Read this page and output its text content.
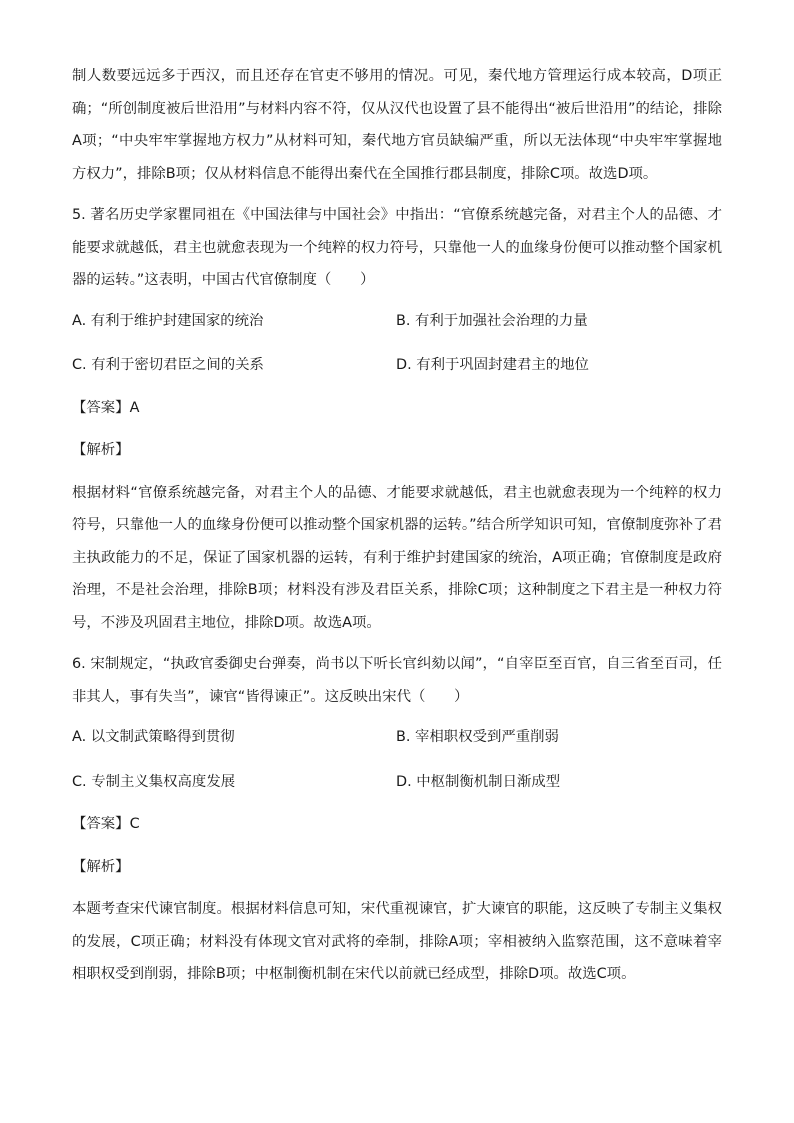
制人数要远远多于西汉，而且还存在官吏不够用的情况。可见，秦代地方管理运行成本较高，D项正确；“所创制度被后世沿用”与材料内容不符，仅从汉代也设置了县不能得出“被后世沿用”的结论，排除A项；“中央牢牢掌握地方权力”从材料可知，秦代地方官员缺编严重，所以无法体现“中央牢牢掌握地方权力”，排除B项；仅从材料信息不能得出秦代在全国推行郡县制度，排除C项。故选D项。

5. 著名历史学家瞿同祖在《中国法律与中国社会》中指出：“官僚系统越完备，对君主个人的品德、才能要求就越低，君主也就愈表现为一个纯粹的权力符号，只靠他一人的血缘身份便可以推动整个国家机器的运转。”这表明，中国古代官僚制度（　　）

A. 有利于维护封建国家的统治	B. 有利于加强社会治理的力量
C. 有利于密切君臣之间的关系	D. 有利于巩固封建君主的地位

【答案】A

【解析】

根据材料“官僚系统越完备，对君主个人的品德、才能要求就越低，君主也就愈表现为一个纯粹的权力符号，只靠他一人的血缘身份便可以推动整个国家机器的运转。”结合所学知识可知，官僚制度弥补了君主执政能力的不足，保证了国家机器的运转，有利于维护封建国家的统治，A项正确；官僚制度是政府治理，不是社会治理，排除B项；材料没有涉及君臣关系，排除C项；这种制度之下君主是一种权力符号，不涉及巩固君主地位，排除D项。故选A项。

6. 宋制规定，“执政官委御史台弹奏，尚书以下听长官纠劾以闻”，“自宰臣至百官，自三省至百司，任非其人，事有失当”，谏官“皆得谏正”。这反映出宋代（　　）

A. 以文制武策略得到贯彻	B. 宰相职权受到严重削弱
C. 专制主义集权高度发展	D. 中枢制衡机制日渐成型

【答案】C

【解析】

本题考查宋代谏官制度。根据材料信息可知，宋代重视谏官，扩大谏官的职能，这反映了专制主义集权的发展，C项正确；材料没有体现文官对武将的牵制，排除A项；宰相被纳入监察范围，这不意味着宰相职权受到削弱，排除B项；中枢制衡机制在宋代以前就已经成型，排除D项。故选C项。
